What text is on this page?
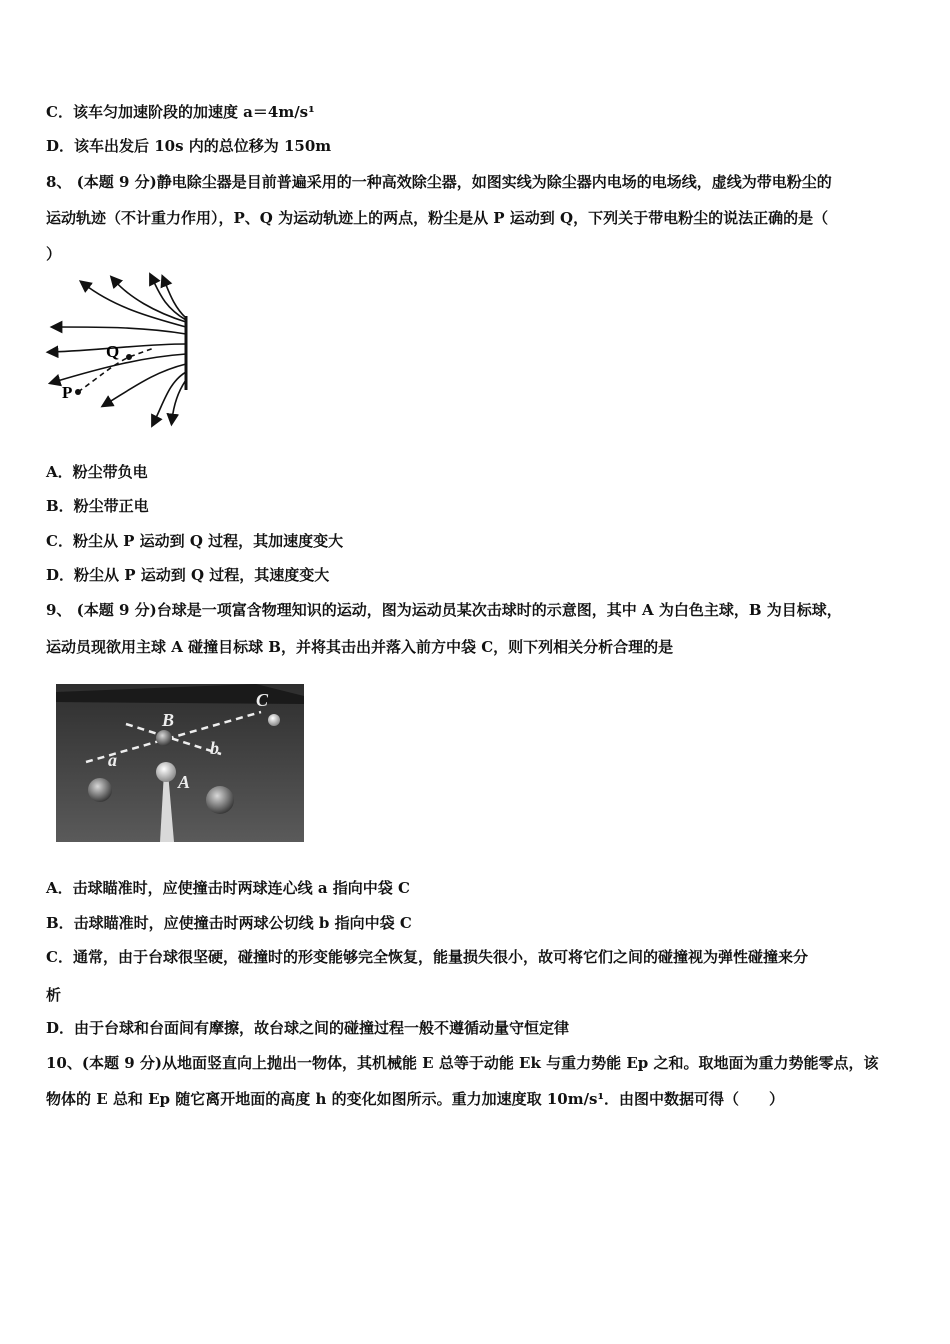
C．该车匀加速阶段的加速度 a＝4m/s¹
D．该车出发后 10s 内的总位移为 150m
8、 (本题 9 分)静电除尘器是目前普遍采用的一种高效除尘器，如图实线为除尘器内电场的电场线，虚线为带电粉尘的
运动轨迹（不计重力作用），P、Q 为运动轨迹上的两点，粉尘是从 P 运动到 Q，下列关于带电粉尘的说法正确的是（
）
P
Q
A．粉尘带负电
B．粉尘带正电
C．粉尘从 P 运动到 Q 过程，其加速度变大
D．粉尘从 P 运动到 Q 过程，其速度变大
9、 (本题 9 分)台球是一项富含物理知识的运动，图为运动员某次击球时的示意图，其中 A 为白色主球，B 为目标球，
运动员现欲用主球 A 碰撞目标球 B，并将其击出并落入前方中袋 C，则下列相关分析合理的是
B
A
C
a
b
A．击球瞄准时，应使撞击时两球连心线 a 指向中袋 C
B．击球瞄准时，应使撞击时两球公切线 b 指向中袋 C
C．通常，由于台球很坚硬，碰撞时的形变能够完全恢复，能量损失很小，故可将它们之间的碰撞视为弹性碰撞来分
析
D．由于台球和台面间有摩擦，故台球之间的碰撞过程一般不遵循动量守恒定律
10、(本题 9 分)从地面竖直向上抛出一物体，其机械能 E 总等于动能 Ek 与重力势能 Ep 之和。取地面为重力势能零点，该
物体的 E 总和 Ep 随它离开地面的高度 h 的变化如图所示。重力加速度取 10m/s¹．由图中数据可得（　　）
